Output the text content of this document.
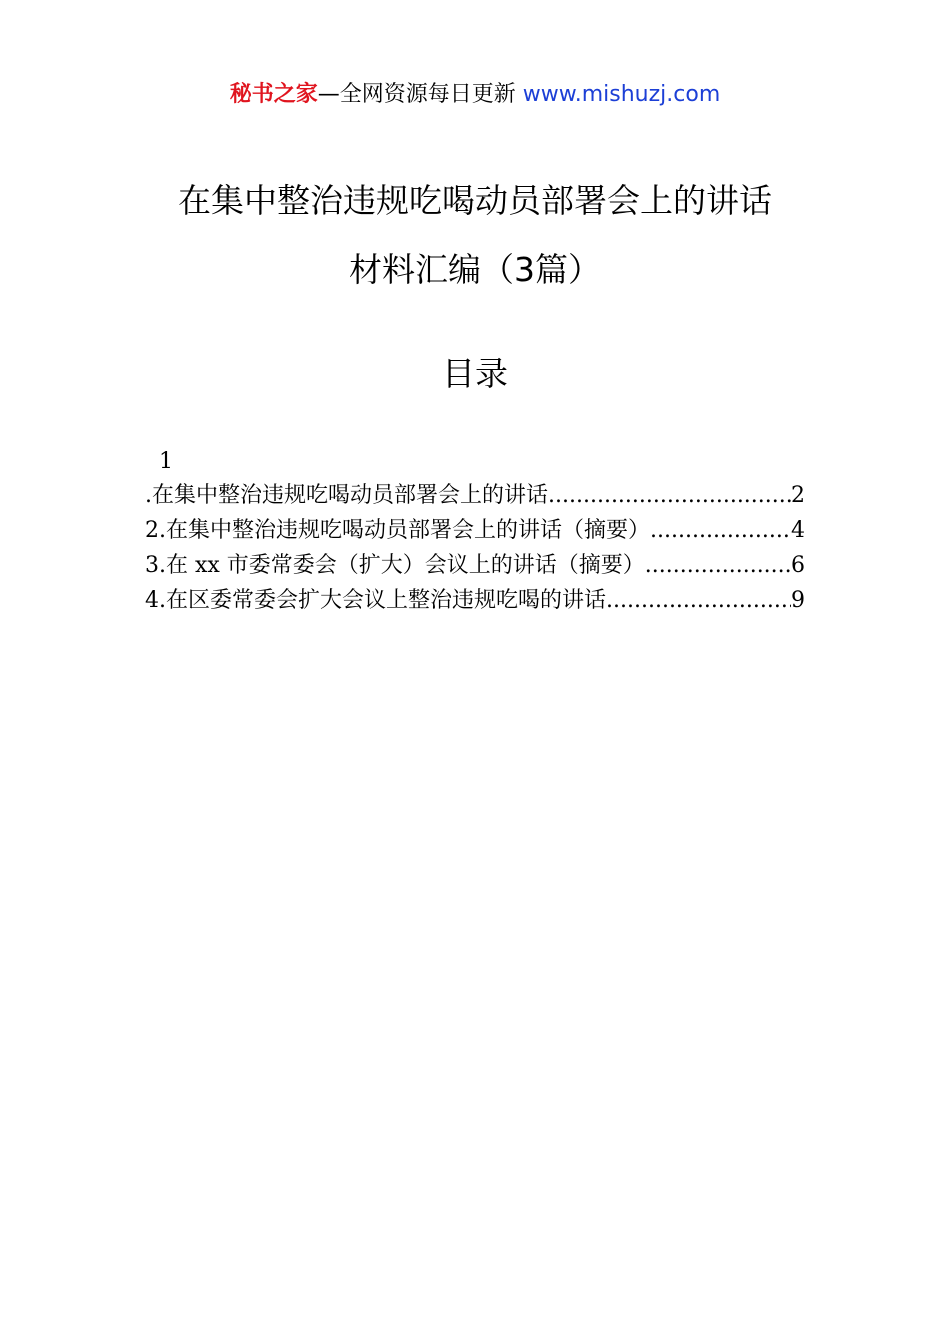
秘书之家—全网资源每日更新 www.mishuzj.com
在集中整治违规吃喝动员部署会上的讲话
材料汇编（3篇）
目录
1
.在集中整治违规吃喝动员部署会上的讲话 .....	2
2.在集中整治违规吃喝动员部署会上的讲话（摘要） .....	4
3.在 xx 市委常委会（扩大）会议上的讲话（摘要） .....	6
4.在区委常委会扩大会议上整治违规吃喝的讲话 .....	9
